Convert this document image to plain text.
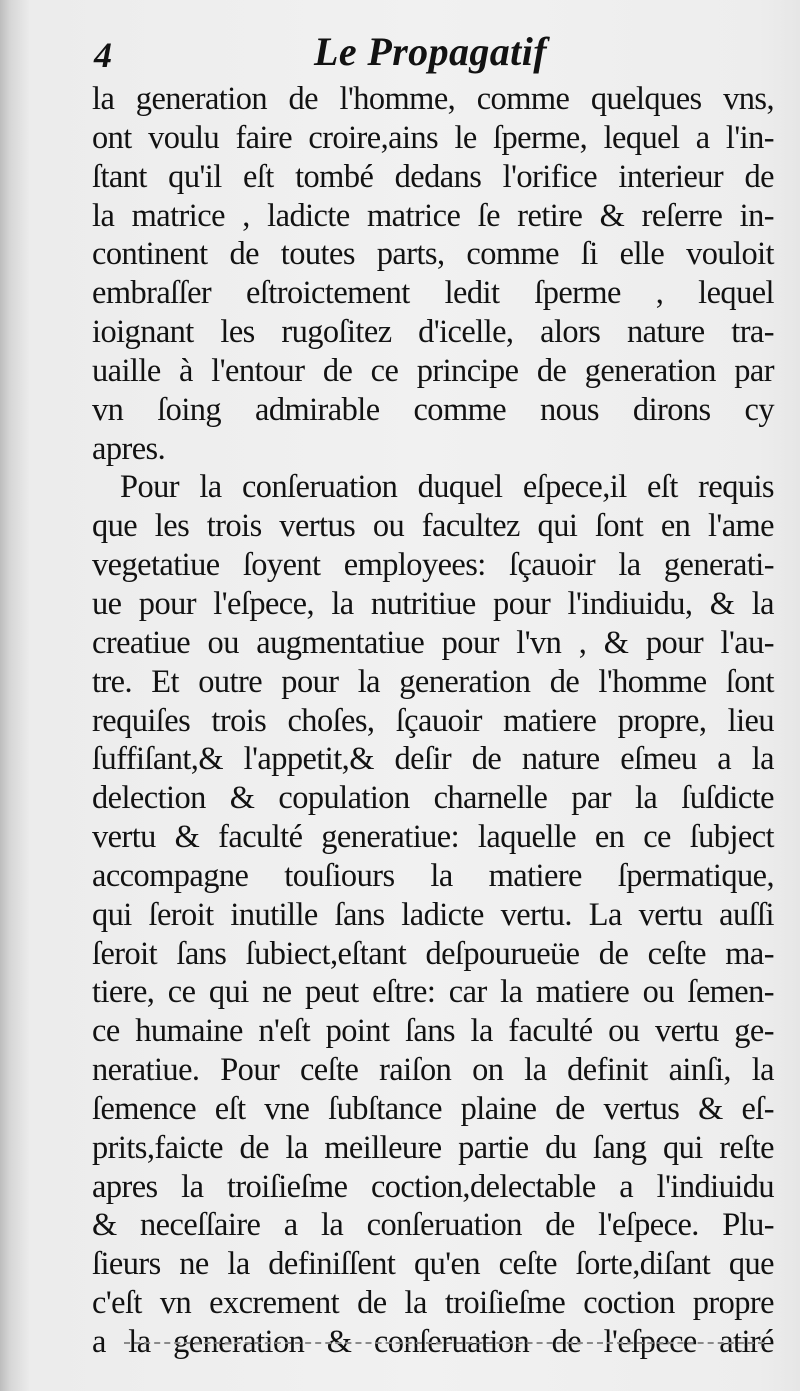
4	Le Propagatif
la generation de l'homme, comme quelques vns,
ont voulu faire croire,ains le ſperme, lequel a l'in-
ſtant qu'il eſt tombé dedans l'orifice interieur de
la matrice , ladicte matrice ſe retire & reſerre in-
continent de toutes parts, comme ſi elle vouloit
embraſſer eſtroictement ledit ſperme , lequel
ioignant les rugoſitez d'icelle, alors nature tra-
uaille à l'entour de ce principe de generation par
vn ſoing admirable comme nous dirons cy
apres.
Pour la conſeruation duquel eſpece,il eſt requis
que les trois vertus ou facultez qui ſont en l'ame
vegetatiue ſoyent employees: ſçauoir la generati-
ue pour l'eſpece, la nutritiue pour l'indiuidu, & la
creatiue ou augmentatiue pour l'vn , & pour l'au-
tre. Et outre pour la generation de l'homme ſont
requiſes trois choſes, ſçauoir matiere propre, lieu
ſuffiſant,& l'appetit,& deſir de nature eſmeu a la
delection & copulation charnelle par la ſuſdicte
vertu & faculté generatiue: laquelle en ce ſubject
accompagne touſiours la matiere ſpermatique,
qui ſeroit inutille ſans ladicte vertu. La vertu auſſi
ſeroit ſans ſubiect,eſtant deſpourueüe de ceſte ma-
tiere, ce qui ne peut eſtre: car la matiere ou ſemen-
ce humaine n'eſt point ſans la faculté ou vertu ge-
neratiue. Pour ceſte raiſon on la definit ainſi, la
ſemence eſt vne ſubſtance plaine de vertus & eſ-
prits,faicte de la meilleure partie du ſang qui reſte
apres la troiſieſme coction,delectable a l'indiuidu
& neceſſaire a la conſeruation de l'eſpece. Plu-
ſieurs ne la definiſſent qu'en ceſte ſorte,diſant que
c'eſt vn excrement de la troiſieſme coction propre
a la generation & conſeruation de l'eſpece atiré
